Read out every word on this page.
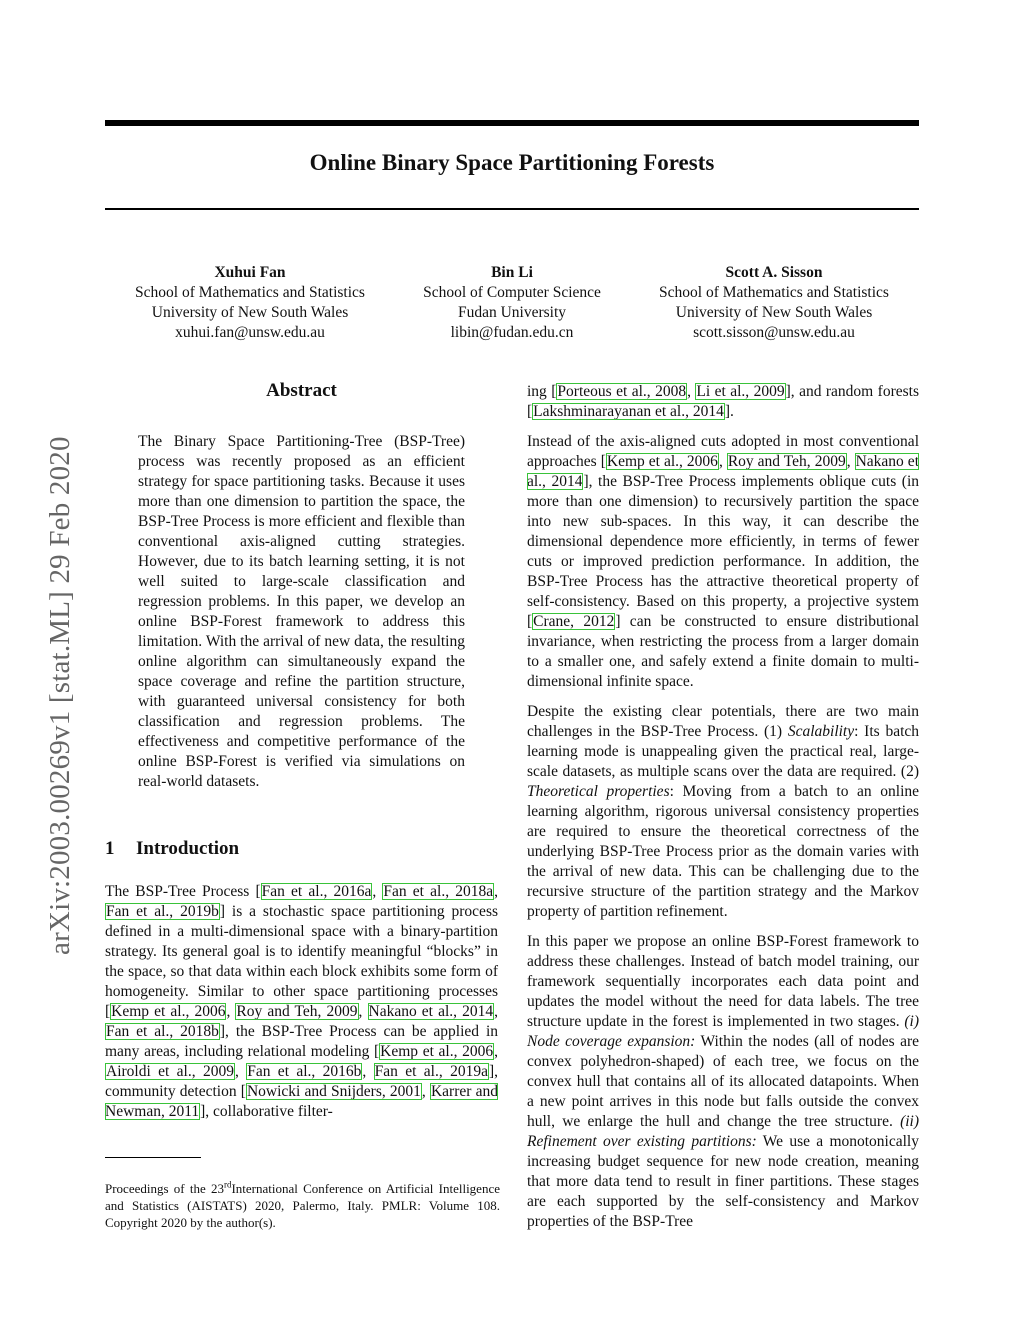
arXiv:2003.00269v1 [stat.ML] 29 Feb 2020
Online Binary Space Partitioning Forests
Xuhui Fan
School of Mathematics and Statistics
University of New South Wales
xuhui.fan@unsw.edu.au
Bin Li
School of Computer Science
Fudan University
libin@fudan.edu.cn
Scott A. Sisson
School of Mathematics and Statistics
University of New South Wales
scott.sisson@unsw.edu.au
Abstract

The Binary Space Partitioning-Tree (BSP-Tree) process was recently proposed as an efficient strategy for space partitioning tasks. Because it uses more than one dimension to partition the space, the BSP-Tree Process is more efficient and flexible than conventional axis-aligned cutting strategies. However, due to its batch learning setting, it is not well suited to large-scale classification and regression problems. In this paper, we develop an online BSP-Forest framework to address this limitation. With the arrival of new data, the resulting online algorithm can simultaneously expand the space coverage and refine the partition structure, with guaranteed universal consistency for both classification and regression problems. The effectiveness and competitive performance of the online BSP-Forest is verified via simulations on real-world datasets.

1 Introduction

The BSP-Tree Process [Fan et al., 2016a, Fan et al., 2018a, Fan et al., 2019b] is a stochastic space partitioning process defined in a multi-dimensional space with a binary-partition strategy. Its general goal is to identify meaningful “blocks” in the space, so that data within each block exhibits some form of homogeneity. Similar to other space partitioning processes [Kemp et al., 2006, Roy and Teh, 2009, Nakano et al., 2014, Fan et al., 2018b], the BSP-Tree Process can be applied in many areas, including relational modeling [Kemp et al., 2006, Airoldi et al., 2009, Fan et al., 2016b, Fan et al., 2019a], community detection [Nowicki and Snijders, 2001, Karrer and Newman, 2011], collaborative filter-

Proceedings of the 23rdInternational Conference on Artificial Intelligence and Statistics (AISTATS) 2020, Palermo, Italy. PMLR: Volume 108. Copyright 2020 by the author(s).

ing [Porteous et al., 2008, Li et al., 2009], and random forests [Lakshminarayanan et al., 2014].

Instead of the axis-aligned cuts adopted in most conventional approaches [Kemp et al., 2006, Roy and Teh, 2009, Nakano et al., 2014], the BSP-Tree Process implements oblique cuts (in more than one dimension) to recursively partition the space into new sub-spaces. In this way, it can describe the dimensional dependence more efficiently, in terms of fewer cuts or improved prediction performance. In addition, the BSP-Tree Process has the attractive theoretical property of self-consistency. Based on this property, a projective system [Crane, 2012] can be constructed to ensure distributional invariance, when restricting the process from a larger domain to a smaller one, and safely extend a finite domain to multi-dimensional infinite space.

Despite the existing clear potentials, there are two main challenges in the BSP-Tree Process. (1) Scalability: Its batch learning mode is unappealing given the practical real, large-scale datasets, as multiple scans over the data are required. (2) Theoretical properties: Moving from a batch to an online learning algorithm, rigorous universal consistency properties are required to ensure the theoretical correctness of the underlying BSP-Tree Process prior as the domain varies with the arrival of new data. This can be challenging due to the recursive structure of the partition strategy and the Markov property of partition refinement.

In this paper we propose an online BSP-Forest framework to address these challenges. Instead of batch model training, our framework sequentially incorporates each data point and updates the model without the need for data labels. The tree structure update in the forest is implemented in two stages. (i) Node coverage expansion: Within the nodes (all of nodes are convex polyhedron-shaped) of each tree, we focus on the convex hull that contains all of its allocated datapoints. When a new point arrives in this node but falls outside the convex hull, we enlarge the hull and change the tree structure. (ii) Refinement over existing partitions: We use a monotonically increasing budget sequence for new node creation, meaning that more data tend to result in finer partitions. These stages are each supported by the self-consistency and Markov properties of the BSP-Tree
